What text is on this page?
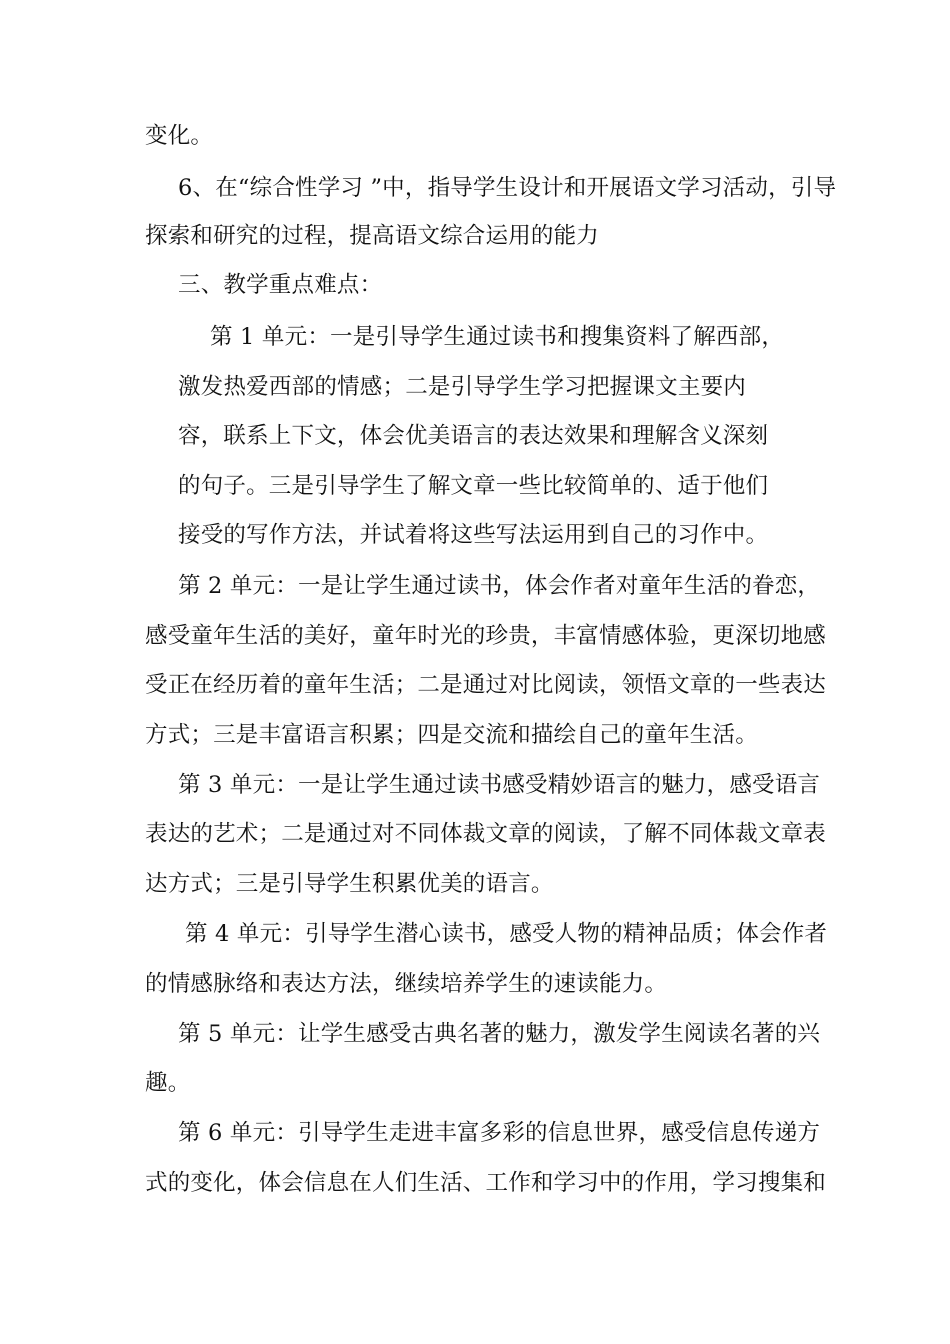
变化。
6、在“综合性学习 ”中，指导学生设计和开展语文学习活动，引导
探索和研究的过程，提高语文综合运用的能力
三、教学重点难点：
第 1 单元：一是引导学生通过读书和搜集资料了解西部，
激发热爱西部的情感；二是引导学生学习把握课文主要内
容，联系上下文，体会优美语言的表达效果和理解含义深刻
的句子。三是引导学生了解文章一些比较简单的、适于他们
接受的写作方法，并试着将这些写法运用到自己的习作中。
第 2 单元：一是让学生通过读书，体会作者对童年生活的眷恋，
感受童年生活的美好，童年时光的珍贵，丰富情感体验，更深切地感
受正在经历着的童年生活；二是通过对比阅读，领悟文章的一些表达
方式；三是丰富语言积累；四是交流和描绘自己的童年生活。
第 3 单元：一是让学生通过读书感受精妙语言的魅力，感受语言
表达的艺术；二是通过对不同体裁文章的阅读，了解不同体裁文章表
达方式；三是引导学生积累优美的语言。
第 4 单元：引导学生潜心读书，感受人物的精神品质；体会作者
的情感脉络和表达方法，继续培养学生的速读能力。
第 5 单元：让学生感受古典名著的魅力，激发学生阅读名著的兴
趣。
第 6 单元：引导学生走进丰富多彩的信息世界，感受信息传递方
式的变化，体会信息在人们生活、工作和学习中的作用，学习搜集和
